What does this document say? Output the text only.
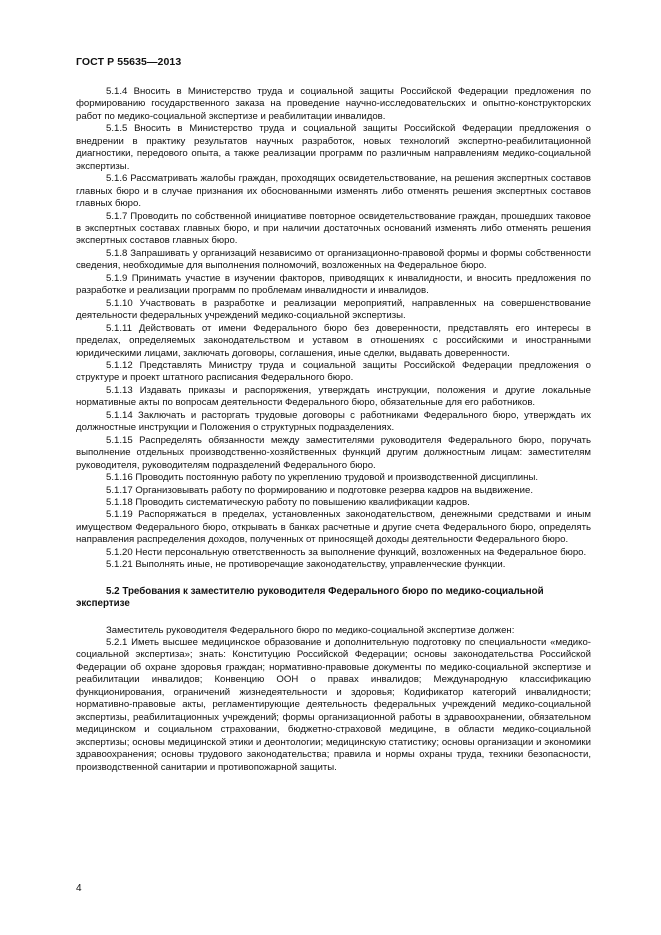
ГОСТ Р 55635—2013

5.1.4 Вносить в Министерство труда и социальной защиты Российской Федерации предложения по формированию государственного заказа на проведение научно-исследовательских и опытно-конструкторских работ по медико-социальной экспертизе и реабилитации инвалидов.

5.1.5 Вносить в Министерство труда и социальной защиты Российской Федерации предложения о внедрении в практику результатов научных разработок, новых технологий экспертно-реабилитационной диагностики, передового опыта, а также реализации программ по различным направлениям медико-социальной экспертизы.

5.1.6 Рассматривать жалобы граждан, проходящих освидетельствование, на решения экспертных составов главных бюро и в случае признания их обоснованными изменять либо отменять решения экспертных составов главных бюро.

5.1.7 Проводить по собственной инициативе повторное освидетельствование граждан, прошедших таковое в экспертных составах главных бюро, и при наличии достаточных оснований изменять либо отменять решения экспертных составов главных бюро.

5.1.8 Запрашивать у организаций независимо от организационно-правовой формы и формы собственности сведения, необходимые для выполнения полномочий, возложенных на Федеральное бюро.

5.1.9 Принимать участие в изучении факторов, приводящих к инвалидности, и вносить предложения по разработке и реализации программ по проблемам инвалидности и инвалидов.

5.1.10 Участвовать в разработке и реализации мероприятий, направленных на совершенствование деятельности федеральных учреждений медико-социальной экспертизы.

5.1.11 Действовать от имени Федерального бюро без доверенности, представлять его интересы в пределах, определяемых законодательством и уставом в отношениях с российскими и иностранными юридическими лицами, заключать договоры, соглашения, иные сделки, выдавать доверенности.

5.1.12 Представлять Министру труда и социальной защиты Российской Федерации предложения о структуре и проект штатного расписания Федерального бюро.

5.1.13 Издавать приказы и распоряжения, утверждать инструкции, положения и другие локальные нормативные акты по вопросам деятельности Федерального бюро, обязательные для его работников.

5.1.14 Заключать и расторгать трудовые договоры с работниками Федерального бюро, утверждать их должностные инструкции и Положения о структурных подразделениях.

5.1.15 Распределять обязанности между заместителями руководителя Федерального бюро, поручать выполнение отдельных производственно-хозяйственных функций другим должностным лицам: заместителям руководителя, руководителям подразделений Федерального бюро.

5.1.16 Проводить постоянную работу по укреплению трудовой и производственной дисциплины.

5.1.17 Организовывать работу по формированию и подготовке резерва кадров на выдвижение.

5.1.18 Проводить систематическую работу по повышению квалификации кадров.

5.1.19 Распоряжаться в пределах, установленных законодательством, денежными средствами и иным имуществом Федерального бюро, открывать в банках расчетные и другие счета Федерального бюро, определять направления распределения доходов, полученных от приносящей доходы деятельности Федерального бюро.

5.1.20 Нести персональную ответственность за выполнение функций, возложенных на Федеральное бюро.

5.1.21 Выполнять иные, не противоречащие законодательству, управленческие функции.

5.2 Требования к заместителю руководителя Федерального бюро по медико-социальной экспертизе

Заместитель руководителя Федерального бюро по медико-социальной экспертизе должен:

5.2.1 Иметь высшее медицинское образование и дополнительную подготовку по специальности «медико-социальной экспертиза»; знать: Конституцию Российской Федерации; основы законодательства Российской Федерации об охране здоровья граждан; нормативно-правовые документы по медико-социальной экспертизе и реабилитации инвалидов; Конвенцию ООН о правах инвалидов; Международную классификацию функционирования, ограничений жизнедеятельности и здоровья; Кодификатор категорий инвалидности; нормативно-правовые акты, регламентирующие деятельность федеральных учреждений медико-социальной экспертизы, реабилитационных учреждений; формы организационной работы в здравоохранении, обязательном медицинском и социальном страховании, бюджетно-страховой медицине, в области медико-социальной экспертизы; основы медицинской этики и деонтологии; медицинскую статистику; основы организации и экономики здравоохранения; основы трудового законодательства; правила и нормы охраны труда, техники безопасности, производственной санитарии и противопожарной защиты.

4
